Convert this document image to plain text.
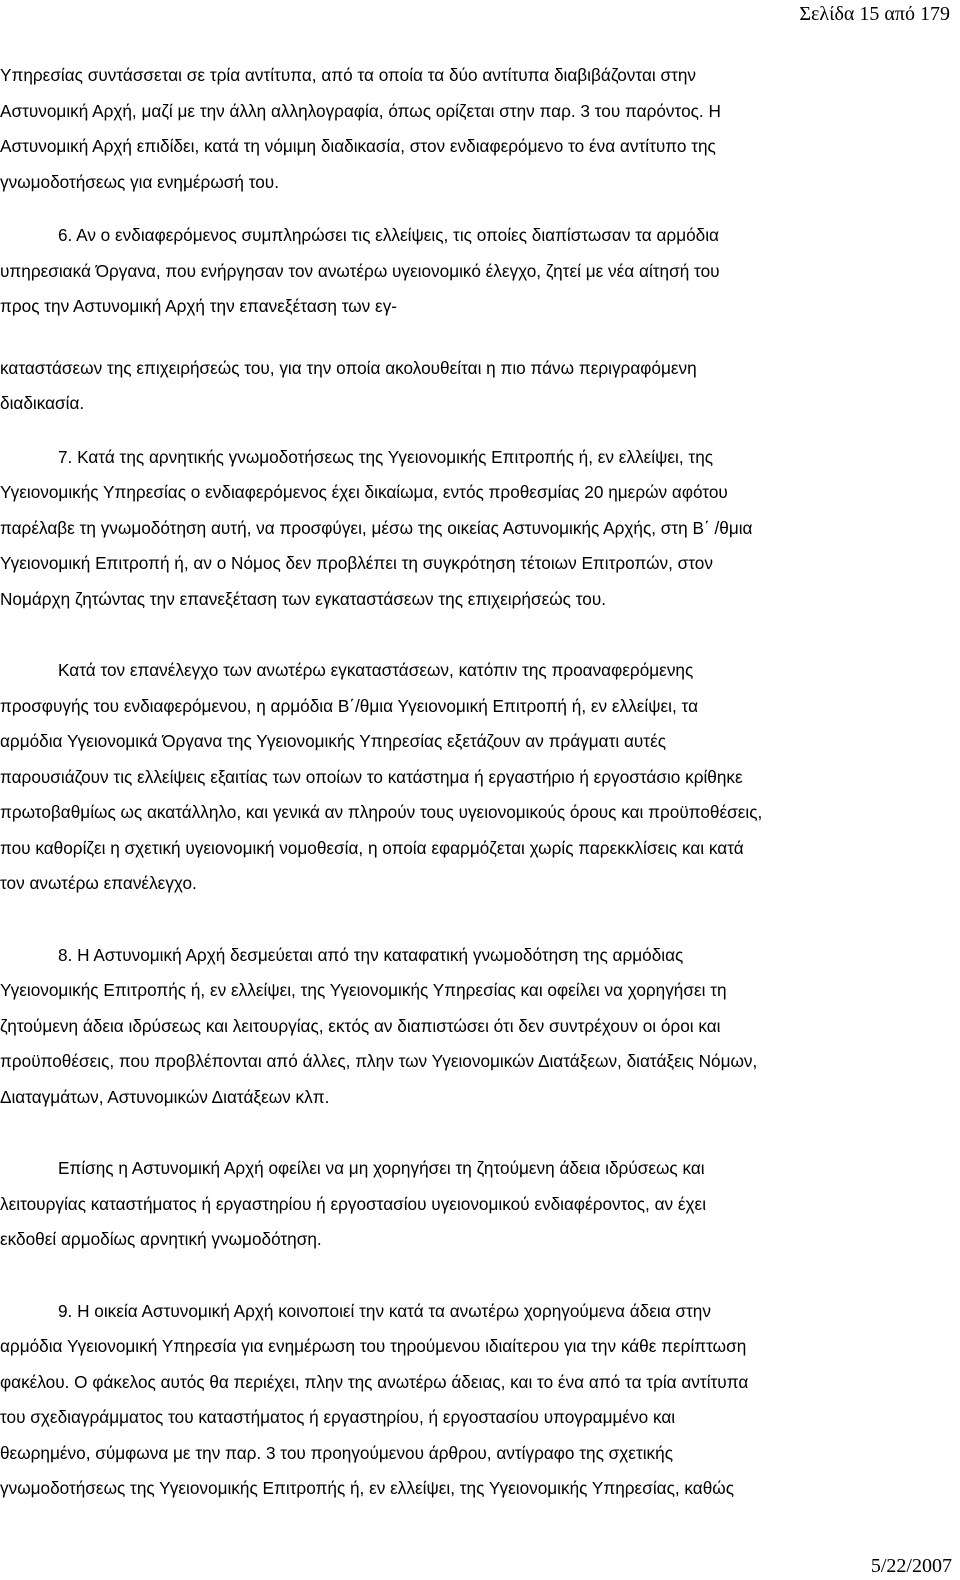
Σελίδα 15 από 179

Υπηρεσίας συντάσσεται σε τρία αντίτυπα, από τα οποία τα δύο αντίτυπα διαβιβάζονται στην
Αστυνομική Αρχή, μαζί με την άλλη αλληλογραφία, όπως ορίζεται στην παρ. 3 του παρόντος. Η
Αστυνομική Αρχή επιδίδει, κατά τη νόμιμη διαδικασία, στον ενδιαφερόμενο το ένα αντίτυπο της
γνωμοδοτήσεως για ενημέρωσή του.

6. Αν ο ενδιαφερόμενος συμπληρώσει τις ελλείψεις, τις οποίες διαπίστωσαν τα αρμόδια
υπηρεσιακά Όργανα, που ενήργησαν τον ανωτέρω υγειονομικό έλεγχο, ζητεί με νέα αίτησή του
προς την Αστυνομική Αρχή την επανεξέταση των εγ-

καταστάσεων της επιχειρήσεώς του, για την οποία ακολουθείται η πιο πάνω περιγραφόμενη
διαδικασία.

7. Κατά της αρνητικής γνωμοδοτήσεως της Υγειονομικής Επιτροπής ή, εν ελλείψει, της
Υγειονομικής Υπηρεσίας ο ενδιαφερόμενος έχει δικαίωμα, εντός προθεσμίας 20 ημερών αφότου
παρέλαβε τη γνωμοδότηση αυτή, να προσφύγει, μέσω της οικείας Αστυνομικής Αρχής, στη Β΄ /θμια
Υγειονομική Επιτροπή ή, αν ο Νόμος δεν προβλέπει τη συγκρότηση τέτοιων Επιτροπών, στον
Νομάρχη ζητώντας την επανεξέταση των εγκαταστάσεων της επιχειρήσεώς του.

Κατά τον επανέλεγχο των ανωτέρω εγκαταστάσεων, κατόπιν της προαναφερόμενης
προσφυγής του ενδιαφερόμενου, η αρμόδια Β΄/θμια Υγειονομική Επιτροπή ή, εν ελλείψει, τα
αρμόδια Υγειονομικά Όργανα της Υγειονομικής Υπηρεσίας εξετάζουν αν πράγματι αυτές
παρουσιάζουν τις ελλείψεις εξαιτίας των οποίων το κατάστημα ή εργαστήριο ή εργοστάσιο κρίθηκε
πρωτοβαθμίως ως ακατάλληλο, και γενικά αν πληρούν τους υγειονομικούς όρους και προϋποθέσεις,
που καθορίζει η σχετική υγειονομική νομοθεσία, η οποία εφαρμόζεται χωρίς παρεκκλίσεις και κατά
τον ανωτέρω επανέλεγχο.

8. Η Αστυνομική Αρχή δεσμεύεται από την καταφατική γνωμοδότηση της αρμόδιας
Υγειονομικής Επιτροπής ή, εν ελλείψει, της Υγειονομικής Υπηρεσίας και οφείλει να χορηγήσει τη
ζητούμενη άδεια ιδρύσεως και λειτουργίας, εκτός αν διαπιστώσει ότι δεν συντρέχουν οι όροι και
προϋποθέσεις, που προβλέπονται από άλλες, πλην των Υγειονομικών Διατάξεων, διατάξεις Νόμων,
Διαταγμάτων, Αστυνομικών Διατάξεων κλπ.

Επίσης η Αστυνομική Αρχή οφείλει να μη χορηγήσει τη ζητούμενη άδεια ιδρύσεως και
λειτουργίας καταστήματος ή εργαστηρίου ή εργοστασίου υγειονομικού ενδιαφέροντος, αν έχει
εκδοθεί αρμοδίως αρνητική γνωμοδότηση.

9. Η οικεία Αστυνομική Αρχή κοινοποιεί την κατά τα ανωτέρω χορηγούμενα άδεια στην
αρμόδια Υγειονομική Υπηρεσία για ενημέρωση του τηρούμενου ιδιαίτερου για την κάθε περίπτωση
φακέλου. Ο φάκελος αυτός θα περιέχει, πλην της ανωτέρω άδειας, και το ένα από τα τρία αντίτυπα
του σχεδιαγράμματος του καταστήματος ή εργαστηρίου, ή εργοστασίου υπογραμμένο και
θεωρημένο, σύμφωνα με την παρ. 3 του προηγούμενου άρθρου, αντίγραφο της σχετικής
γνωμοδοτήσεως της Υγειονομικής Επιτροπής ή, εν ελλείψει, της Υγειονομικής Υπηρεσίας, καθώς

5/22/2007
